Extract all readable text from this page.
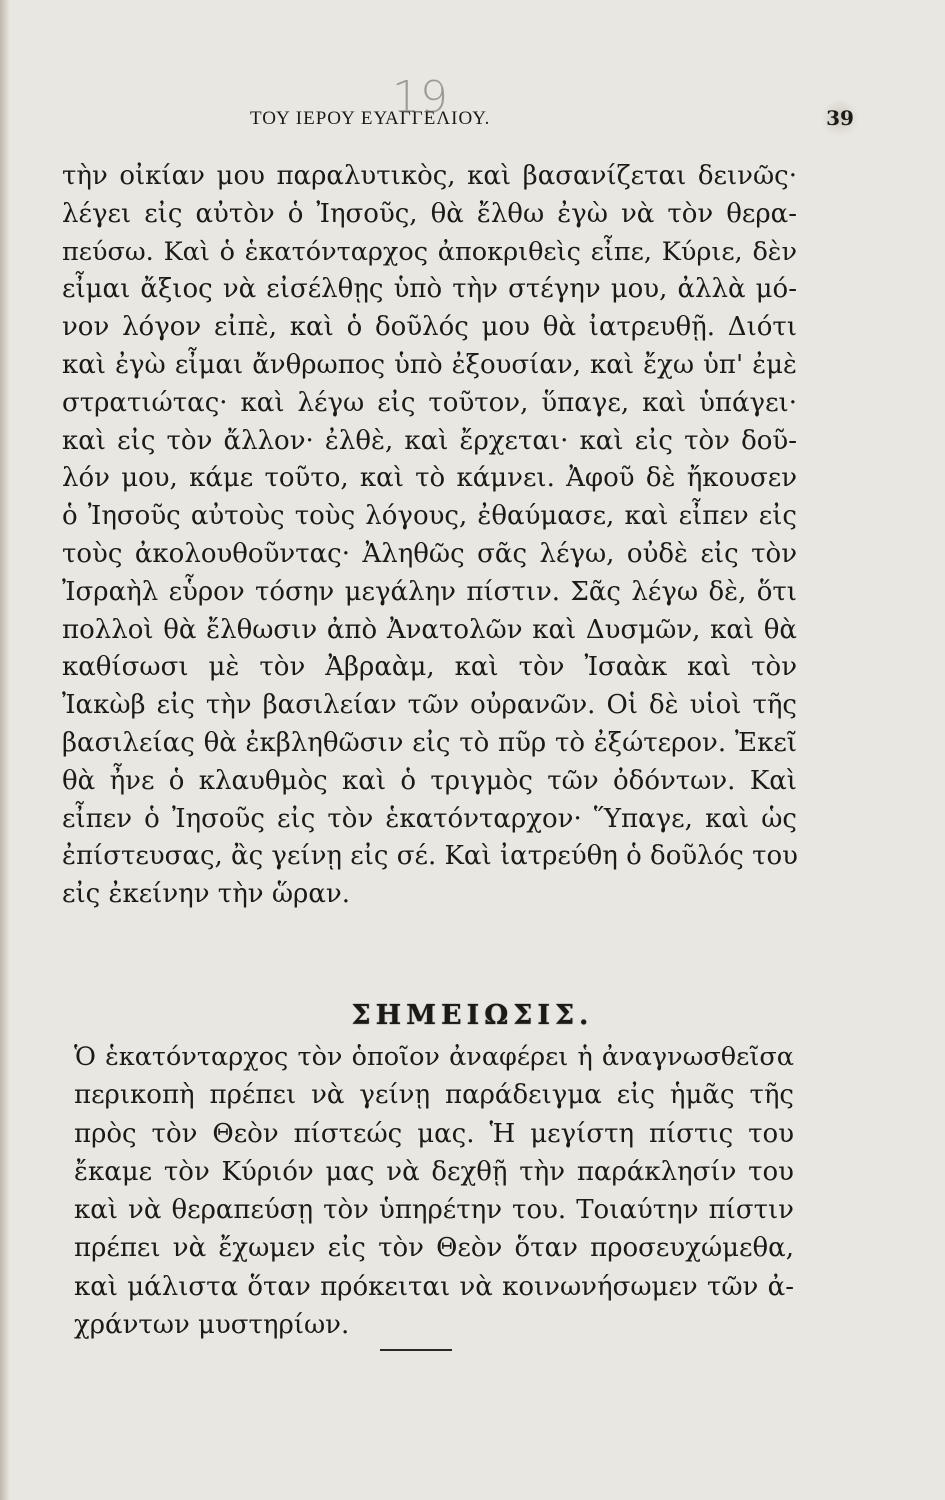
19
ΤΟΥ ΙΕΡΟΥ ΕΥΑΓΓΕΛΙΟΥ.	39
τὴν οἰκίαν μου παραλυτικὸς, καὶ βασανίζεται δεινῶς·
λέγει εἰς αὐτὸν ὁ Ἰησοῦς, θὰ ἔλθω ἐγὼ νὰ τὸν θερα-
πεύσω. Καὶ ὁ ἑκατόνταρχος ἀποκριθεὶς εἶπε, Κύριε, δὲν
εἶμαι ἄξιος νὰ εἰσέλθῃς ὑπὸ τὴν στέγην μου, ἀλλὰ μό-
νον λόγον εἰπὲ, καὶ ὁ δοῦλός μου θὰ ἰατρευθῇ. Διότι
καὶ ἐγὼ εἶμαι ἄνθρωπος ὑπὸ ἐξουσίαν, καὶ ἔχω ὑπ' ἐμὲ
στρατιώτας· καὶ λέγω εἰς τοῦτον, ὕπαγε, καὶ ὑπάγει·
καὶ εἰς τὸν ἄλλον· ἐλθὲ, καὶ ἔρχεται· καὶ εἰς τὸν δοῦ-
λόν μου, κάμε τοῦτο, καὶ τὸ κάμνει. Ἀφοῦ δὲ ἤκουσεν
ὁ Ἰησοῦς αὐτοὺς τοὺς λόγους, ἐθαύμασε, καὶ εἶπεν εἰς
τοὺς ἀκολουθοῦντας· Ἀληθῶς σᾶς λέγω, οὐδὲ εἰς τὸν
Ἰσραὴλ εὗρον τόσην μεγάλην πίστιν. Σᾶς λέγω δὲ, ὅτι
πολλοὶ θὰ ἔλθωσιν ἀπὸ Ἀνατολῶν καὶ Δυσμῶν, καὶ θὰ
καθίσωσι μὲ τὸν Ἀβραὰμ, καὶ τὸν Ἰσαὰκ καὶ τὸν
Ἰακὼβ εἰς τὴν βασιλείαν τῶν οὐρανῶν. Οἱ δὲ υἱοὶ τῆς
βασιλείας θὰ ἐκβληθῶσιν εἰς τὸ πῦρ τὸ ἐξώτερον. Ἐκεῖ
θὰ ἦνε ὁ κλαυθμὸς καὶ ὁ τριγμὸς τῶν ὀδόντων. Καὶ
εἶπεν ὁ Ἰησοῦς εἰς τὸν ἑκατόνταρχον· Ὕπαγε, καὶ ὡς
ἐπίστευσας, ἂς γείνῃ εἰς σέ. Καὶ ἰατρεύθη ὁ δοῦλός του
εἰς ἐκείνην τὴν ὥραν.
ΣΗΜΕΙΩΣΙΣ.
Ὁ ἑκατόνταρχος τὸν ὁποῖον ἀναφέρει ἡ ἀναγνωσθεῖσα
περικοπὴ πρέπει νὰ γείνῃ παράδειγμα εἰς ἡμᾶς τῆς
πρὸς τὸν Θεὸν πίστεώς μας. Ἡ μεγίστη πίστις του
ἔκαμε τὸν Κύριόν μας νὰ δεχθῇ τὴν παράκλησίν του
καὶ νὰ θεραπεύσῃ τὸν ὑπηρέτην του. Τοιαύτην πίστιν
πρέπει νὰ ἔχωμεν εἰς τὸν Θεὸν ὅταν προσευχώμεθα,
καὶ μάλιστα ὅταν πρόκειται νὰ κοινωνήσωμεν τῶν ἀ-
χράντων μυστηρίων.
